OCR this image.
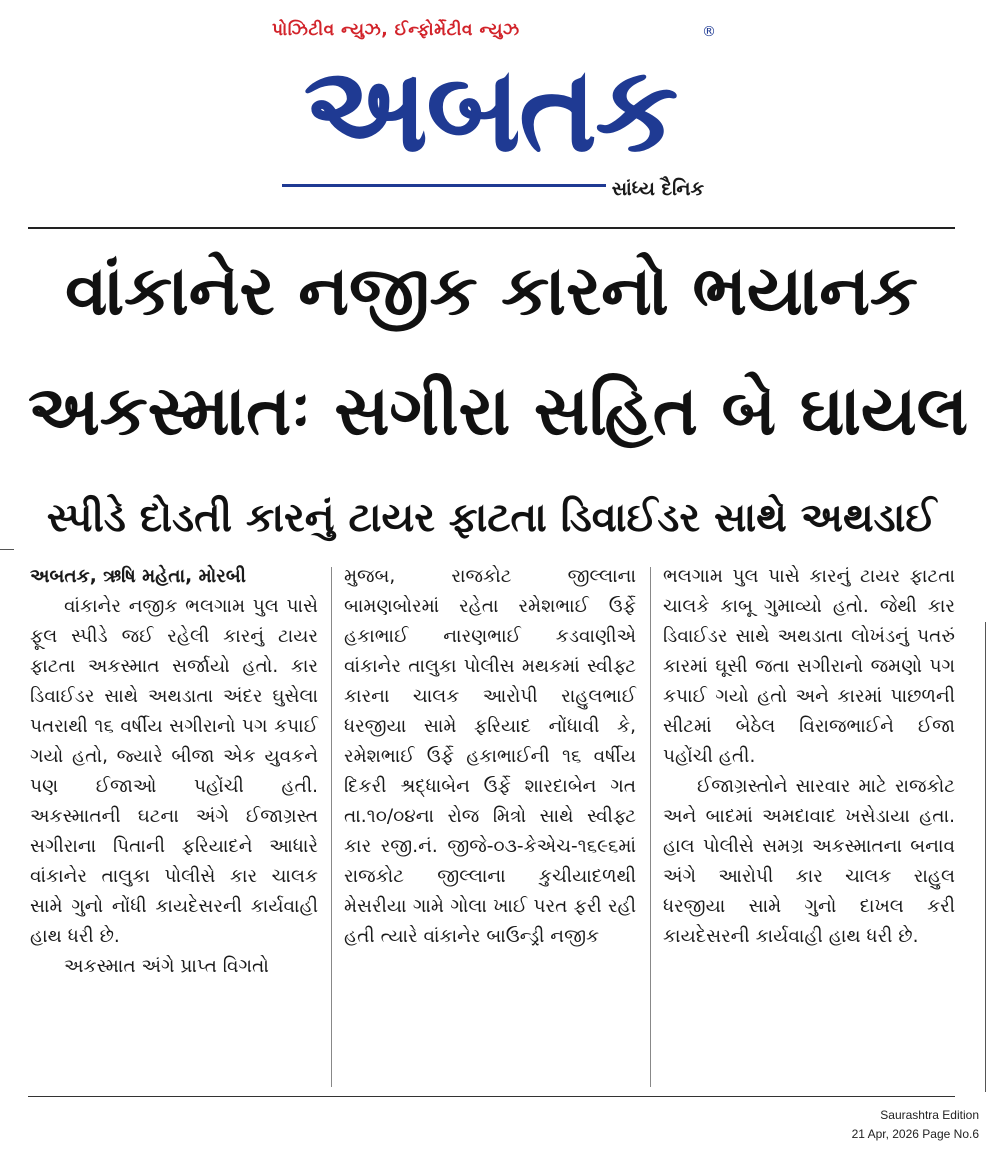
પોઝિટીવ ન્યુઝ, ઈન્ફોર્મેટીવ ન્યુઝ	®
અબતક
સાંધ્ય દૈનિક
વાંકાનેર નજીક કારનો ભયાનક
અકસ્માતઃ સગીરા સહિત બે ઘાયલ
સ્પીડે દોડતી કારનું ટાયર ફાટતા ડિવાઈડર સાથે અથડાઈ

અબતક, ઋષિ મહેતા, મોરબી

વાંકાનેર નજીક ભલગામ પુલ પાસે ફૂલ સ્પીડે જઈ રહેલી કારનું ટાયર ફાટતા અકસ્માત સર્જાયો હતો. કાર ડિવાઈડર સાથે અથડાતા અંદર ઘુસેલા પતરાથી ૧૬ વર્ષીય સગીરાનો પગ કપાઈ ગયો હતો, જ્યારે બીજા એક યુવકને પણ ઈજાઓ પહોંચી હતી. અકસ્માતની ઘટના અંગે ઈજાગ્રસ્ત સગીરાના પિતાની ફરિયાદને આધારે વાંકાનેર તાલુકા પોલીસે કાર ચાલક સામે ગુનો નોંધી કાયદેસરની કાર્યવાહી હાથ ધરી છે.

અકસ્માત અંગે પ્રાપ્ત વિગતો

મુજબ, રાજકોટ જીલ્લાના બામણબોરમાં રહેતા રમેશભાઈ ઉર્ફે હકાભાઈ નારણભાઈ કડવાણીએ વાંકાનેર તાલુકા પોલીસ મથકમાં સ્વીફ્ટ કારના ચાલક આરોપી રાહુલભાઈ ધરજીયા સામે ફરિયાદ નોંધાવી કે, રમેશભાઈ ઉર્ફે હકાભાઈની ૧૬ વર્ષીય દિકરી શ્રદ્ધાબેન ઉર્ફે શારદાબેન ગત તા.૧૦/૦૪ના રોજ મિત્રો સાથે સ્વીફ્ટ કાર રજી.નં. જીજે-૦૩-કેએચ-૧૬૯૬માં રાજકોટ જીલ્લાના કુચીયાદળથી મેસરીયા ગામે ગોલા ખાઈ પરત ફરી રહી હતી ત્યારે વાંકાનેર બાઉન્ડ્રી નજીક

ભલગામ પુલ પાસે કારનું ટાયર ફાટતા ચાલકે કાબૂ ગુમાવ્યો હતો. જેથી કાર ડિવાઈડર સાથે અથડાતા લોખંડનું પતરું કારમાં ઘૂસી જતા સગીરાનો જમણો પગ કપાઈ ગયો હતો અને કારમાં પાછળની સીટમાં બેઠેલ વિરાજભાઈને ઈજા પહોંચી હતી.

ઈજાગ્રસ્તોને સારવાર માટે રાજકોટ અને બાદમાં અમદાવાદ ખસેડાયા હતા. હાલ પોલીસે સમગ્ર અકસ્માતના બનાવ અંગે આરોપી કાર ચાલક રાહુલ ધરજીયા સામે ગુનો દાખલ કરી કાયદેસરની કાર્યવાહી હાથ ધરી છે.

Saurashtra Edition
21 Apr, 2026 Page No.6
